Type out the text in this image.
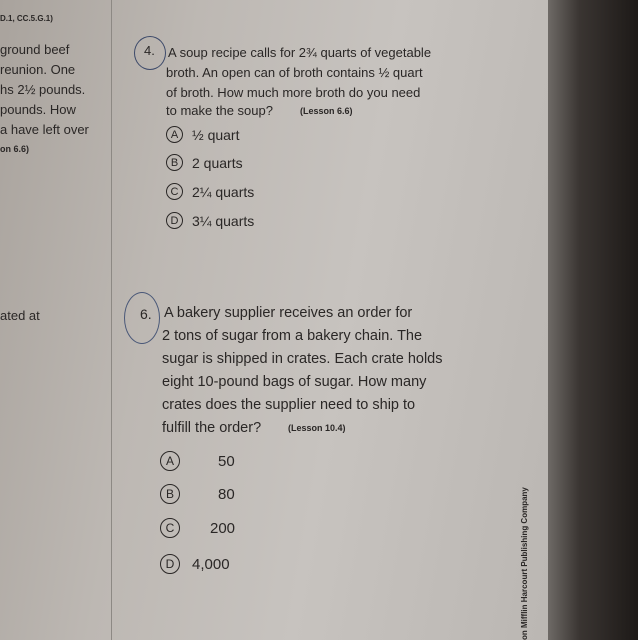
D.1, CC.5.G.1)
ground beef
reunion. One
hs 2½ pounds.
pounds. How
a have left over
on 6.6)
ated at
4. A soup recipe calls for 2¾ quarts of vegetable
broth. An open can of broth contains ½ quart
of broth. How much more broth do you need
to make the soup?	(Lesson 6.6)
A ½ quart
B 2 quarts
C 2¼ quarts
D 3¼ quarts
6. A bakery supplier receives an order for
2 tons of sugar from a bakery chain. The
sugar is shipped in crates. Each crate holds
eight 10-pound bags of sugar. How many
crates does the supplier need to ship to
fulfill the order?	(Lesson 10.4)
A	50
B	80
C	200
D	4,000	on Mifflin Harcourt Publishing Company
